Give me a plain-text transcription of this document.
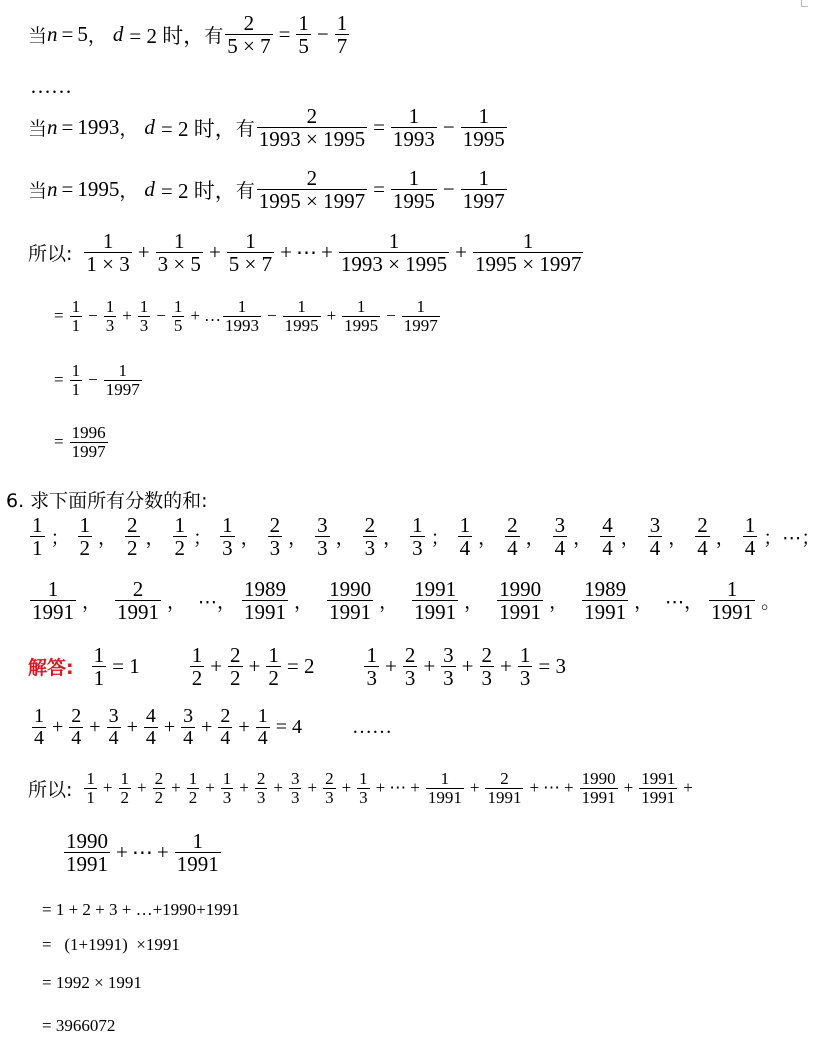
当 n = 5 ， d = 2 时， 有 $\frac{2}{5 \times 7} = \frac{1}{5} - \frac{1}{7}$
……
当 n = 1993 ， d = 2 时， 有 $\frac{2}{1993 \times 1995} = \frac{1}{1993} - \frac{1}{1995}$
当 n = 1995 ， d = 2 时， 有 $\frac{2}{1995 \times 1997} = \frac{1}{1995} - \frac{1}{1997}$
所以:
1
$1 \times 3 + \frac{1}{3 \times 5} + \frac{1}{5 \times 7}$ + ⋯ + $\frac{1}{1993 \times 1995} + \frac{1}{1995 \times 1997}$
= $\frac{1}{1} - \frac{1}{3} + \frac{1}{3} - \frac{1}{5}$ + … 1
$1993 - \frac{1}{1995} + \frac{1}{1995} - \frac{1}{1997}$
= $\frac{1}{1} - \frac{1}{1997}$
= $\frac{1996}{1997}$
6. 求下面所有分数的和:
1
1 ；
1
2 ，
2
2 ，
1
2 ；
1
3 ，
2
3 ，
3
3 ，
2
3 ，
1
3 ；
1
4 ，
2
4 ，
3
4 ，
4
4 ，
3
4 ，
2
4 ，
1
4 ；⋯；
1
1991 ，
2
1991 ， ⋯，
1989
1991 ，
1990
1991 ，
1991
1991 ，
1990
1991 ，
1989
1991 ， ⋯，
1
1991 。
解答: $\frac{1}{1} = 1$ 1
$2 + \frac{2}{2} + \frac{1}{2} = 2$ 1
$3 + \frac{2}{3} + \frac{3}{3} + \frac{2}{3} + \frac{1}{3} = 3$
1
$4 + \frac{2}{4} + \frac{3}{4} + \frac{4}{4} + \frac{3}{4} + \frac{2}{4} + \frac{1}{4} = 4$	……
所以:
1
$1 + \frac{1}{2} + \frac{2}{2} + \frac{1}{2} + \frac{1}{3} + \frac{2}{3} + \frac{3}{3} + \frac{2}{3} + \frac{1}{3}$ + ⋯ + 1
$1991 + \frac{2}{1991}$ + ⋯ + 1990
$1991 + \frac{1991}{1991}$ +
1990
1991 + ⋯ + $\frac{1}{1991}$
= 1 + 2 + 3 + …+1990+1991
=   (1+1991)  ×1991
= 1992 × 1991
= 3966072
